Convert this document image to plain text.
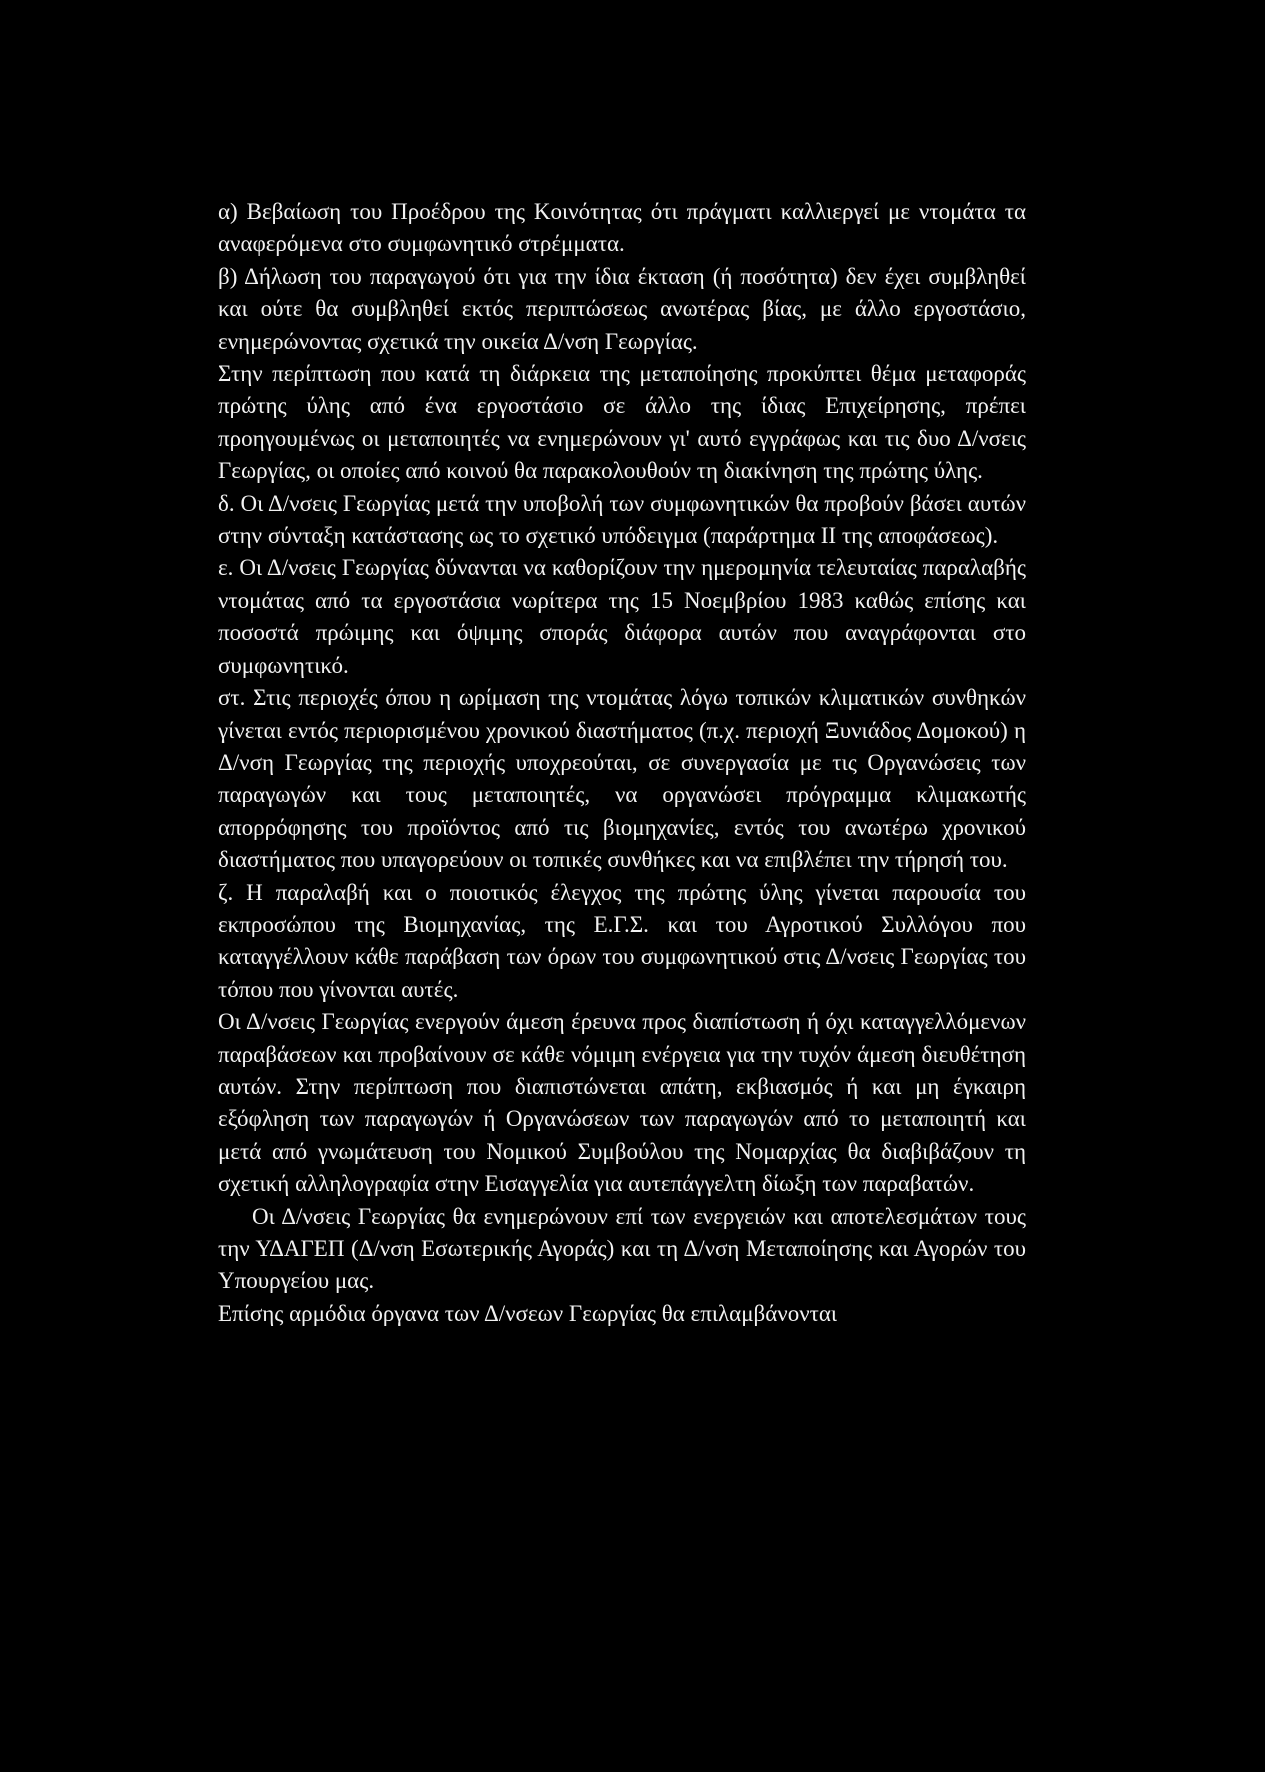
α) Βεβαίωση του Προέδρου της Κοινότητας ότι πράγματι καλλιεργεί με ντομάτα τα αναφερόμενα στο συμφωνητικό στρέμματα.

β) Δήλωση του παραγωγού ότι για την ίδια έκταση (ή ποσότητα) δεν έχει συμβληθεί και ούτε θα συμβληθεί εκτός περιπτώσεως ανωτέρας βίας, με άλλο εργοστάσιο, ενημερώνοντας σχετικά την οικεία Δ/νση Γεωργίας.

Στην περίπτωση που κατά τη διάρκεια της μεταποίησης προκύπτει θέμα μεταφοράς πρώτης ύλης από ένα εργοστάσιο σε άλλο της ίδιας Επιχείρησης, πρέπει προηγουμένως οι μεταποιητές να ενημερώνουν γι' αυτό εγγράφως και τις δυο Δ/νσεις Γεωργίας, οι οποίες από κοινού θα παρακολουθούν τη διακίνηση της πρώτης ύλης.

δ. Οι Δ/νσεις Γεωργίας μετά την υποβολή των συμφωνητικών θα προβούν βάσει αυτών στην σύνταξη κατάστασης ως το σχετικό υπόδειγμα (παράρτημα ΙΙ της αποφάσεως).

ε. Οι Δ/νσεις Γεωργίας δύνανται να καθορίζουν την ημερομηνία τελευταίας παραλαβής ντομάτας από τα εργοστάσια νωρίτερα της 15 Νοεμβρίου 1983 καθώς επίσης και ποσοστά πρώιμης και όψιμης σποράς διάφορα αυτών που αναγράφονται στο συμφωνητικό.

στ. Στις περιοχές όπου η ωρίμαση της ντομάτας λόγω τοπικών κλιματικών συνθηκών γίνεται εντός περιορισμένου χρονικού διαστήματος (π.χ. περιοχή Ξυνιάδος Δομοκού) η Δ/νση Γεωργίας της περιοχής υποχρεούται, σε συνεργασία με τις Οργανώσεις των παραγωγών και τους μεταποιητές, να οργανώσει πρόγραμμα κλιμακωτής απορρόφησης του προϊόντος από τις βιομηχανίες, εντός του ανωτέρω χρονικού διαστήματος που υπαγορεύουν οι τοπικές συνθήκες και να επιβλέπει την τήρησή του.

ζ. Η παραλαβή και ο ποιοτικός έλεγχος της πρώτης ύλης γίνεται παρουσία του εκπροσώπου της Βιομηχανίας, της Ε.Γ.Σ. και του Αγροτικού Συλλόγου που καταγγέλλουν κάθε παράβαση των όρων του συμφωνητικού στις Δ/νσεις Γεωργίας του τόπου που γίνονται αυτές.

Οι Δ/νσεις Γεωργίας ενεργούν άμεση έρευνα προς διαπίστωση ή όχι καταγγελλόμενων παραβάσεων και προβαίνουν σε κάθε νόμιμη ενέργεια για την τυχόν άμεση διευθέτηση αυτών. Στην περίπτωση που διαπιστώνεται απάτη, εκβιασμός ή και μη έγκαιρη εξόφληση των παραγωγών ή Οργανώσεων των παραγωγών από το μεταποιητή και μετά από γνωμάτευση του Νομικού Συμβούλου της Νομαρχίας θα διαβιβάζουν τη σχετική αλληλογραφία στην Εισαγγελία για αυτεπάγγελτη δίωξη των παραβατών.

Οι Δ/νσεις Γεωργίας θα ενημερώνουν επί των ενεργειών και αποτελεσμάτων τους την ΥΔΑΓΕΠ (Δ/νση Εσωτερικής Αγοράς) και τη Δ/νση Μεταποίησης και Αγορών του Υπουργείου μας.

Επίσης αρμόδια όργανα των Δ/νσεων Γεωργίας θα επιλαμβάνονται
